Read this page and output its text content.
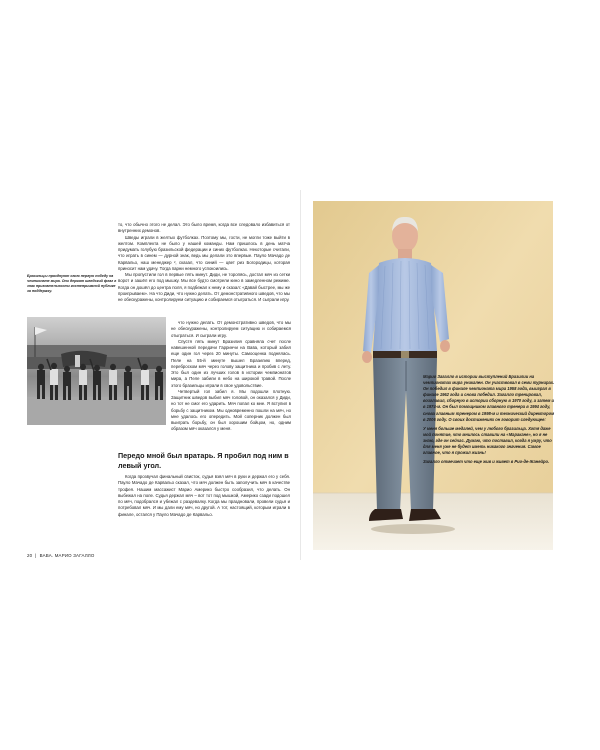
Бразильцы празднуют свою первую победу на чемпионате мира. Они держат шведский флаг в знак признательности гостеприимной публике за поддержку.

то, что обычно этого не делал. Это было время, когда все следовало избавиться от внутренних демонов.

Шведы играли в желтых футболках. Поэтому мы, гости, не могли тоже выйти в желтом. Комплекта не было у нашей команды. Нам пришлось в день матча придумать голубую бразильской федерации и синих футболках. Некоторые считали, что играть в синем — дурной знак, ведь мы делали это впервые. Пауло Мачадо де Карвальо, наш менеджер ², сказал, что синий — цвет риз Богородицы, которая приносит нам удачу. Тогда парни немного успокоились.

Мы пропустили гол в первые пять минут. Диди, не торопясь, достал мяч из сетки ворот и зашёл его под мышку. Мы все будто смотрели кино в замедленном режиме. Когда он дошёл до центра поля, я подбежал к нему и сказал: «Давай быстрее, мы же проигрываем». На что Диди, что нужно делать. От демонстративного шведов, что мы не обескуражены, контролируем ситуацию и собираемся отыграться. И сыграли игру.

что нужно делать. От демонстративно шведов, что мы не обескуражены, контролируем ситуацию и собираемся отыграться. И сыграли игру.

Спустя пять минут Бразилия сравняла счет после навешенной передачи Гарринчи на Вава, который забил еще один гол через 20 минуты. Самооценка поднялась. Пеле на 55-й минуте вышел Бразилию вперед, переброском мяч через голову защитника и пробив с лету. Это был один из лучших голов в истории чемпионатов мира, а Пеле забили в небо на широкой травой. После этого бразильцы играли в свое удовольствие.

Четвертый гол забил я. Мы подошли плотную. Защитник шведов выбил мяч головой, он оказался у Диди, но тот не смог его ударить. Мяч попал ко мне. Я вступил в борьбу с защитником. Мы одновременно пошли на мяч, но мне удалось его опередить. Мой соперник должен был выиграть борьбу, он был хорошим бойцом, но, одним образом мяч оказался у меня.

Передо мной был вратарь. Я пробил под ним в левый угол.

Когда прозвучал финальный свисток, судья взял мяч в руки и держал его у себя. Пауло Мачадо де Карвальо сказал, что мяч должен быть заполучить мяч в качестве трофея. Нашим массажист Марио Америко быстро сообразил, что делать. Он выбежал на поле. Судья держал мяч – вот тот под мышкой, Америко сзади подошел по мяч, подобрался и убежал с раздевалку. Когда мы праздновали, провели судья и потребовал мяч. И мы дали ему мяч, но другой. А тот, настоящий, которым играли в финале, остался у Пауло Мачадо де Карвальо.

20 | ВАВА. МАРИО ЗАГАЛЛО

Марио Загалло в истории выступлений Бразилии на чемпионатах мира уникален. Он участвовал в семи турнирах. Он победил в финале чемпионата мира 1958 года, выиграл в финале 1962 года и снова победил. Загалло тренировал, возглавил, сборную в истории сборную в 1970 году, а затем и в 1974-м. Он был помощником главного тренера в 1994 году, снова главным тренером в 1998-м и технический директором в 2006 году. О своих достижениях он говорит следующее:

У меня больше медалей, чем у любого бразильца. Хотя даже мой понятие, что мнилось ставили на «Маракане», но я не знаю, где он сейчас. Думаю, что поставил, когда я умру, что для меня уже не будет иметь никакого значения. Самое главное, что я прожил жизнь!

Загалло отмечает что еще жив и живет в Рио-де-Жанейро.
